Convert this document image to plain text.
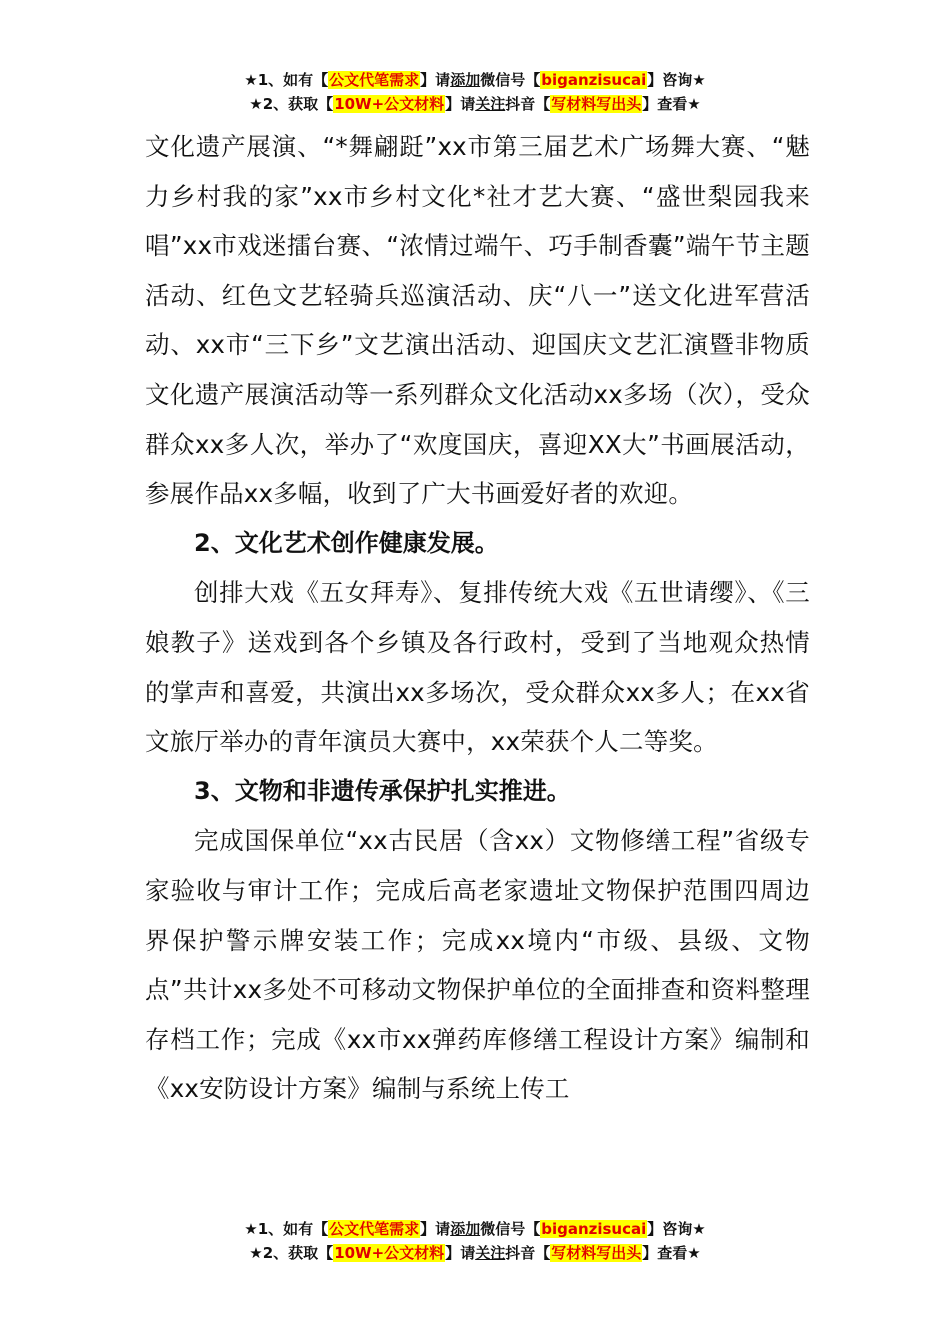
★1、如有【公文代笔需求】请添加微信号【biganzisucai】咨询★
★2、获取【10W+公文材料】请关注抖音【写材料写出头】查看★

文化遗产展演、“*舞翩跹”xx市第三届艺术广场舞大赛、“魅力乡村我的家”xx市乡村文化*社才艺大赛、“盛世梨园我来唱”xx市戏迷擂台赛、“浓情过端午、巧手制香囊”端午节主题活动、红色文艺轻骑兵巡演活动、庆“八一”送文化进军营活动、xx市“三下乡”文艺演出活动、迎国庆文艺汇演暨非物质文化遗产展演活动等一系列群众文化活动xx多场（次），受众群众xx多人次，举办了“欢度国庆，喜迎XX大”书画展活动，参展作品xx多幅，收到了广大书画爱好者的欢迎。

2、文化艺术创作健康发展。

创排大戏《五女拜寿》、复排传统大戏《五世请缨》、《三娘教子》送戏到各个乡镇及各行政村，受到了当地观众热情的掌声和喜爱，共演出xx多场次，受众群众xx多人；在xx省文旅厅举办的青年演员大赛中，xx荣获个人二等奖。

3、文物和非遗传承保护扎实推进。

完成国保单位“xx古民居（含xx）文物修缮工程”省级专家验收与审计工作；完成后高老家遗址文物保护范围四周边界保护警示牌安装工作；完成xx境内“市级、县级、文物点”共计xx多处不可移动文物保护单位的全面排查和资料整理存档工作；完成《xx市xx弹药库修缮工程设计方案》编制和《xx安防设计方案》编制与系统上传工

★1、如有【公文代笔需求】请添加微信号【biganzisucai】咨询★
★2、获取【10W+公文材料】请关注抖音【写材料写出头】查看★
